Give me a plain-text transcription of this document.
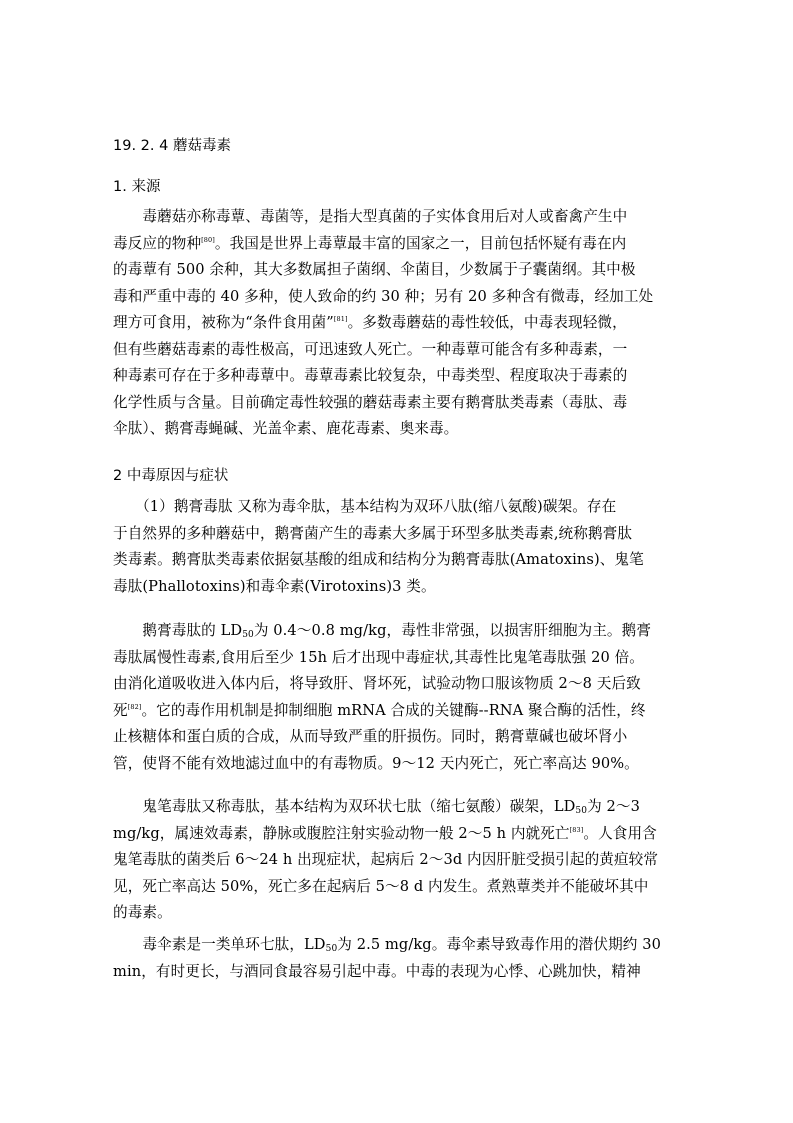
19. 2. 4 蘑菇毒素
1. 来源
　　毒蘑菇亦称毒蕈、毒菌等，是指大型真菌的子实体食用后对人或畜禽产生中
毒反应的物种[80]。我国是世界上毒蕈最丰富的国家之一，目前包括怀疑有毒在内
的毒蕈有 500 余种，其大多数属担子菌纲、伞菌目，少数属于子囊菌纲。其中极
毒和严重中毒的 40 多种，使人致命的约 30 种；另有 20 多种含有微毒，经加工处
理方可食用，被称为“条件食用菌”[81]。多数毒蘑菇的毒性较低，中毒表现轻微，
但有些蘑菇毒素的毒性极高，可迅速致人死亡。一种毒蕈可能含有多种毒素，一
种毒素可存在于多种毒蕈中。毒蕈毒素比较复杂，中毒类型、程度取决于毒素的
化学性质与含量。目前确定毒性较强的蘑菇毒素主要有鹅膏肽类毒素（毒肽、毒
伞肽）、鹅膏毒蝇碱、光盖伞素、鹿花毒素、奥来毒。
2 中毒原因与症状
　　（1）鹅膏毒肽 又称为毒伞肽，基本结构为双环八肽(缩八氨酸)碳架。存在
于自然界的多种蘑菇中，鹅膏菌产生的毒素大多属于环型多肽类毒素,统称鹅膏肽
类毒素。鹅膏肽类毒素依据氨基酸的组成和结构分为鹅膏毒肽(Amatoxins)、鬼笔
毒肽(Phallotoxins)和毒伞素(Virotoxins)3 类。
　　鹅膏毒肽的 $LD_{50}$为 0.4～0.8 mg/kg，毒性非常强，以损害肝细胞为主。鹅膏
毒肽属慢性毒素,食用后至少 15h 后才出现中毒症状,其毒性比鬼笔毒肽强 20 倍。
由消化道吸收进入体内后，将导致肝、肾坏死，试验动物口服该物质 2～8 天后致
死[82]。它的毒作用机制是抑制细胞 mRNA 合成的关键酶--RNA 聚合酶的活性，终
止核糖体和蛋白质的合成，从而导致严重的肝损伤。同时，鹅膏蕈碱也破坏肾小
管，使肾不能有效地滤过血中的有毒物质。9～12 天内死亡，死亡率高达 90%。
　　鬼笔毒肽又称毒肽，基本结构为双环状七肽（缩七氨酸）碳架，$LD_{50}$为 2～3
mg/kg，属速效毒素，静脉或腹腔注射实验动物一般 2～5 h 内就死亡[83]。人食用含
鬼笔毒肽的菌类后 6～24 h 出现症状，起病后 2～3d 内因肝脏受损引起的黄疸较常
见，死亡率高达 50%，死亡多在起病后 5～8 d 内发生。煮熟蕈类并不能破坏其中
的毒素。
　　毒伞素是一类单环七肽，$LD_{50}$为 2.5 mg/kg。毒伞素导致毒作用的潜伏期约 30
min，有时更长，与酒同食最容易引起中毒。中毒的表现为心悸、心跳加快，精神
